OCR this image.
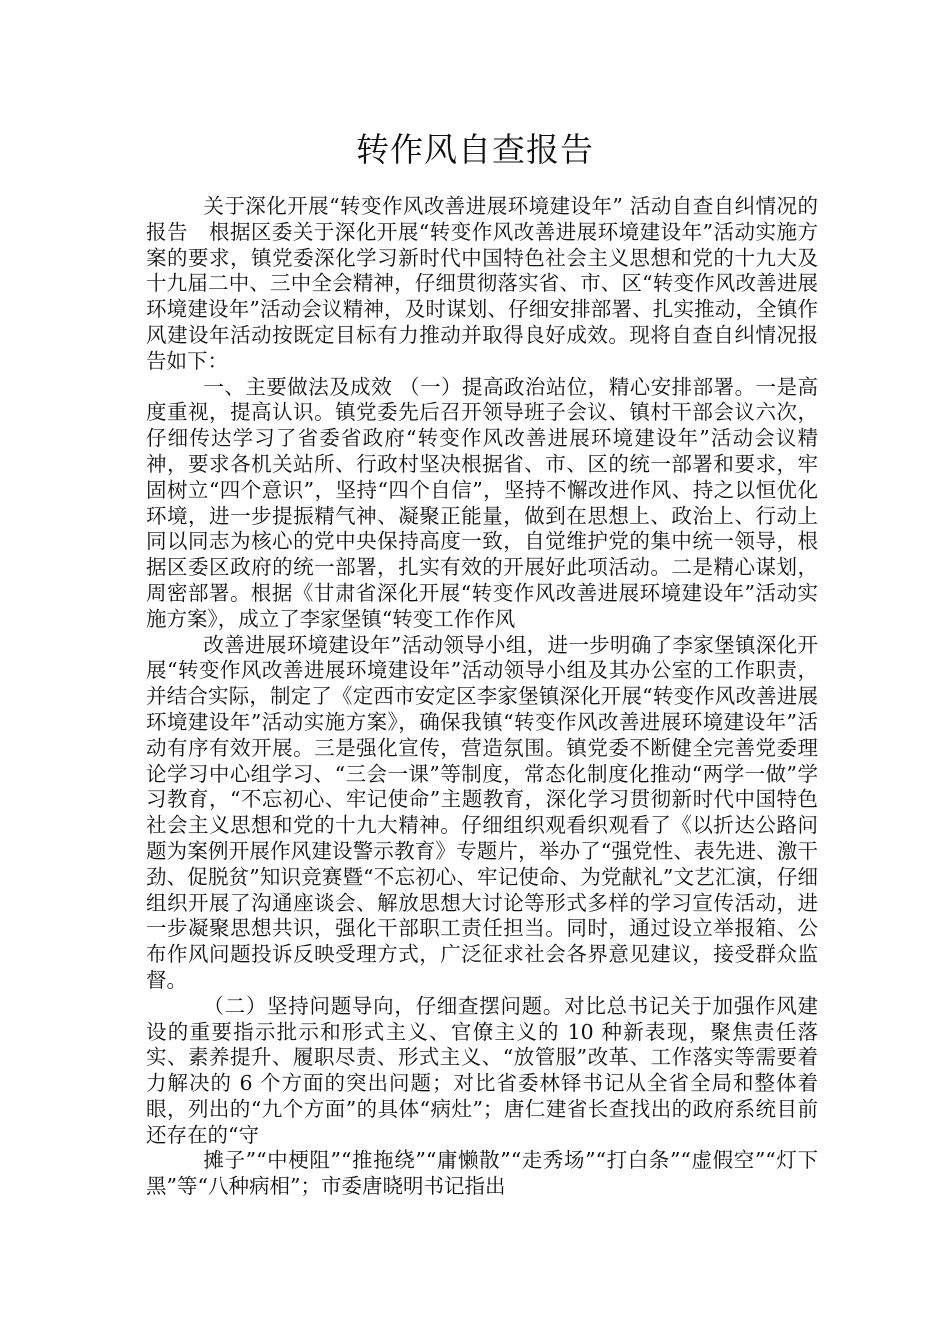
转作风自查报告

关于深化开展“转变作风改善进展环境建设年” 活动自查自纠情况的报告　根据区委关于深化开展“转变作风改善进展环境建设年”活动实施方案的要求，镇党委深化学习新时代中国特色社会主义思想和党的十九大及十九届二中、三中全会精神，仔细贯彻落实省、市、区“转变作风改善进展环境建设年”活动会议精神，及时谋划、仔细安排部署、扎实推动，全镇作风建设年活动按既定目标有力推动并取得良好成效。现将自查自纠情况报告如下：

一、主要做法及成效 （一）提高政治站位，精心安排部署。一是高度重视，提高认识。镇党委先后召开领导班子会议、镇村干部会议六次，仔细传达学习了省委省政府“转变作风改善进展环境建设年”活动会议精神，要求各机关站所、行政村坚决根据省、市、区的统一部署和要求，牢固树立“四个意识”，坚持“四个自信”，坚持不懈改进作风、持之以恒优化环境，进一步提振精气神、凝聚正能量，做到在思想上、政治上、行动上同以同志为核心的党中央保持高度一致，自觉维护党的集中统一领导，根据区委区政府的统一部署，扎实有效的开展好此项活动。二是精心谋划，周密部署。根据《甘肃省深化开展“转变作风改善进展环境建设年”活动实施方案》，成立了李家堡镇“转变工作作风

改善进展环境建设年”活动领导小组，进一步明确了李家堡镇深化开展“转变作风改善进展环境建设年”活动领导小组及其办公室的工作职责，并结合实际，制定了《定西市安定区李家堡镇深化开展“转变作风改善进展环境建设年”活动实施方案》，确保我镇“转变作风改善进展环境建设年”活动有序有效开展。三是强化宣传，营造氛围。镇党委不断健全完善党委理论学习中心组学习、“三会一课”等制度，常态化制度化推动“两学一做”学习教育，“不忘初心、牢记使命”主题教育，深化学习贯彻新时代中国特色社会主义思想和党的十九大精神。仔细组织观看织观看了《以折达公路问题为案例开展作风建设警示教育》专题片，举办了“强党性、表先进、激干劲、促脱贫”知识竞赛暨“不忘初心、牢记使命、为党献礼”文艺汇演，仔细组织开展了沟通座谈会、解放思想大讨论等形式多样的学习宣传活动，进一步凝聚思想共识，强化干部职工责任担当。同时，通过设立举报箱、公布作风问题投诉反映受理方式，广泛征求社会各界意见建议，接受群众监督。

（二）坚持问题导向，仔细查摆问题。对比总书记关于加强作风建设的重要指示批示和形式主义、官僚主义的 10 种新表现，聚焦责任落实、素养提升、履职尽责、形式主义、“放管服”改革、工作落实等需要着力解决的 6 个方面的突出问题；对比省委林铎书记从全省全局和整体着眼，列出的“九个方面”的具体“病灶”；唐仁建省长查找出的政府系统目前还存在的“守

摊子”“中梗阻”“推拖绕”“庸懒散”“走秀场”“打白条”“虚假空”“灯下黑”等“八种病相”；市委唐晓明书记指出
